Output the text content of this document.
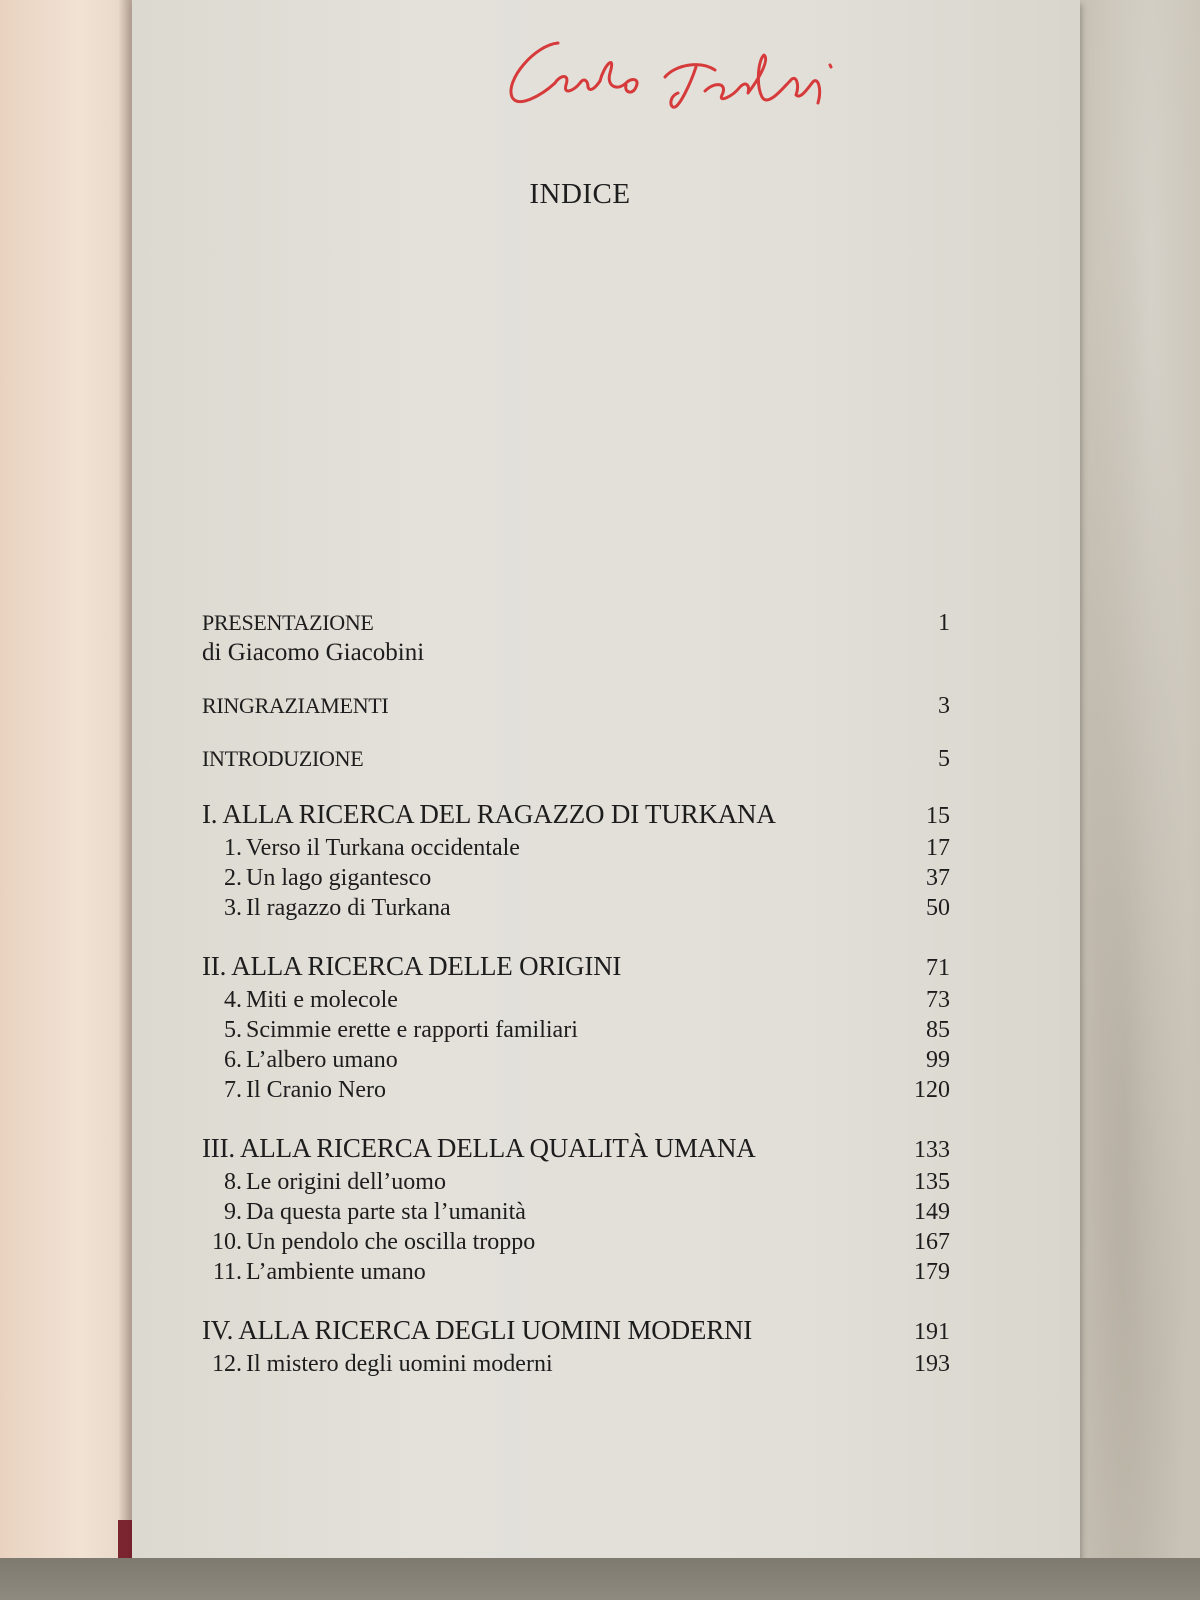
INDICE
PRESENTAZIONE	1
di Giacomo Giacobini
RINGRAZIAMENTI	3
INTRODUZIONE	5
I. ALLA RICERCA DEL RAGAZZO DI TURKANA	15
1. Verso il Turkana occidentale	17
2. Un lago gigantesco	37
3. Il ragazzo di Turkana	50
II. ALLA RICERCA DELLE ORIGINI	71
4. Miti e molecole	73
5. Scimmie erette e rapporti familiari	85
6. L’albero umano	99
7. Il Cranio Nero	120
III. ALLA RICERCA DELLA QUALITÀ UMANA	133
8. Le origini dell’uomo	135
9. Da questa parte sta l’umanità	149
10. Un pendolo che oscilla troppo	167
11. L’ambiente umano	179
IV. ALLA RICERCA DEGLI UOMINI MODERNI	191
12. Il mistero degli uomini moderni	193
